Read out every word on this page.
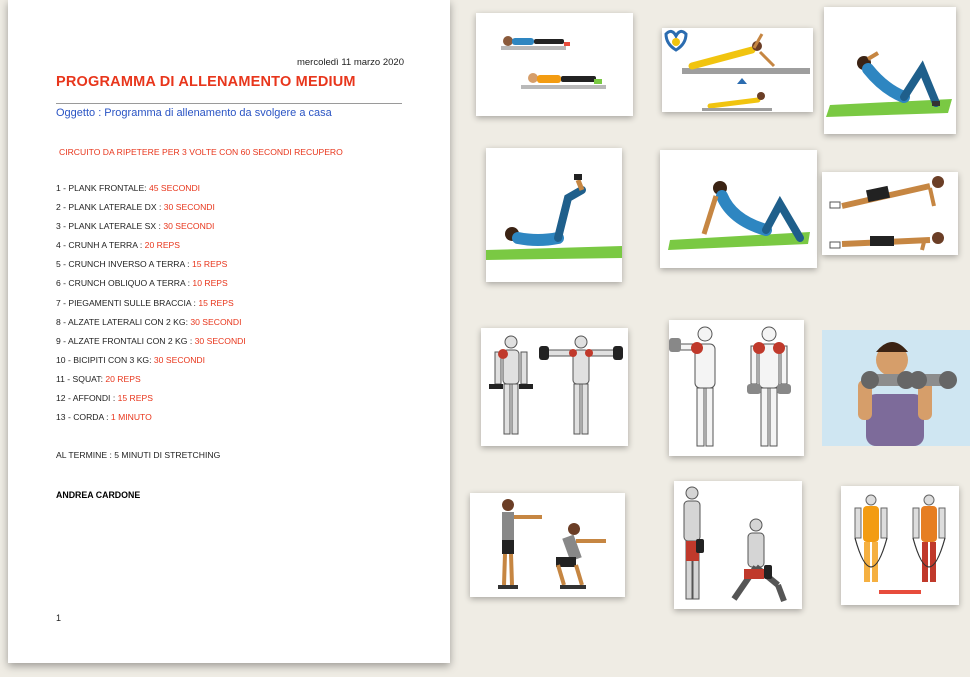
mercoledì 11 marzo 2020
PROGRAMMA DI ALLENAMENTO MEDIUM
Oggetto : Programma di allenamento da svolgere a casa
CIRCUITO DA RIPETERE PER 3 VOLTE CON 60 SECONDI RECUPERO
1 - PLANK FRONTALE: 45 SECONDI
2 - PLANK LATERALE DX : 30 SECONDI
3 - PLANK LATERALE SX : 30 SECONDI
4 - CRUNH A TERRA : 20 REPS
5 - CRUNCH INVERSO A TERRA : 15 REPS
6 - CRUNCH OBLIQUO A TERRA : 10 REPS
7 - PIEGAMENTI SULLE BRACCIA : 15 REPS
8 - ALZATE LATERALI CON 2 KG: 30 SECONDI
9 - ALZATE FRONTALI CON 2 KG : 30 SECONDI
10 - BICIPITI CON 3 KG: 30 SECONDI
11 - SQUAT: 20 REPS
12 - AFFONDI : 15 REPS
13 - CORDA : 1 MINUTO
AL TERMINE : 5 MINUTI DI STRETCHING
ANDREA CARDONE
1
